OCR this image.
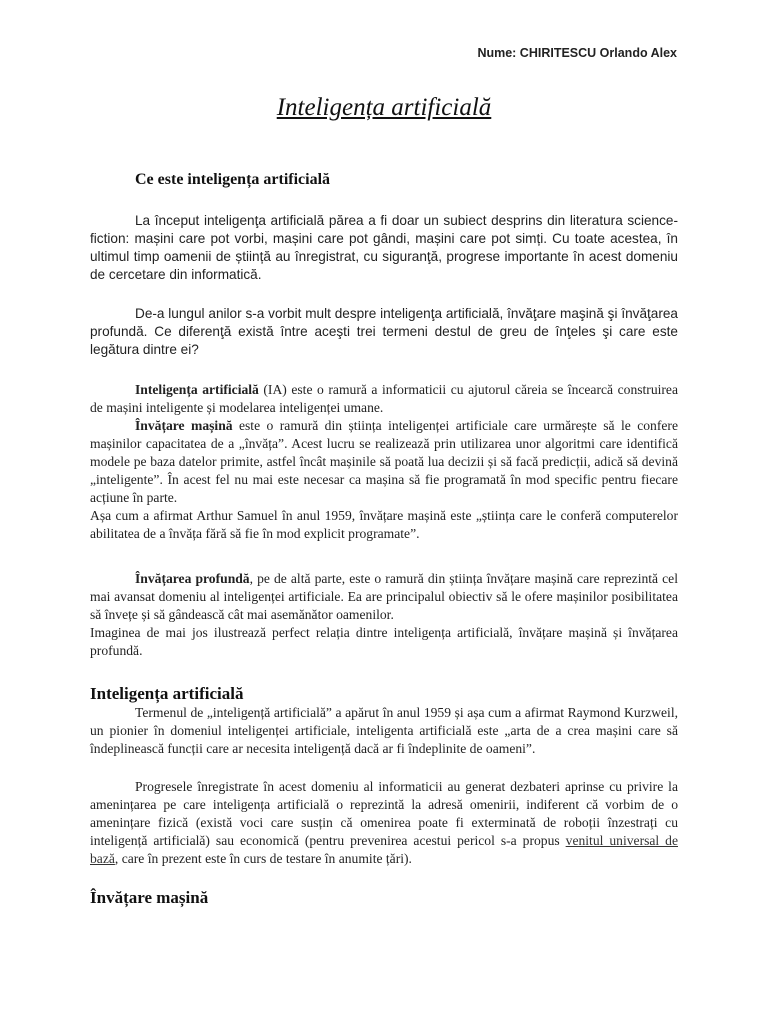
Nume: CHIRITESCU Orlando Alex
Inteligența artificială
Ce este inteligența artificială

La început inteligenţa artificială părea a fi doar un subiect desprins din literatura science-fiction: mașini care pot vorbi, mașini care pot gândi, mașini care pot simți. Cu toate acestea, în ultimul timp oamenii de știință au înregistrat, cu siguranţă, progrese importante în acest domeniu de cercetare din informatică.

De-a lungul anilor s-a vorbit mult despre inteligenţa artificială, învăţare maşină şi învăţarea profundă. Ce diferenţă există între aceşti trei termeni destul de greu de înţeles şi care este legătura dintre ei?

Inteligența artificială (IA) este o ramură a informaticii cu ajutorul căreia se încearcă construirea de mașini inteligente și modelarea inteligenței umane.

Învățare mașină este o ramură din știința inteligenței artificiale care urmărește să le confere mașinilor capacitatea de a „învăța”. Acest lucru se realizează prin utilizarea unor algoritmi care identifică modele pe baza datelor primite, astfel încât mașinile să poată lua decizii și să facă predicții, adică să devină „inteligente”. În acest fel nu mai este necesar ca mașina să fie programată în mod specific pentru fiecare acțiune în parte.

Așa cum a afirmat Arthur Samuel în anul 1959, învățare mașină este „știința care le conferă computerelor abilitatea de a învăța fără să fie în mod explicit programate”.

Învățarea profundă, pe de altă parte, este o ramură din știința învățare mașină care reprezintă cel mai avansat domeniu al inteligenței artificiale. Ea are principalul obiectiv să le ofere mașinilor posibilitatea să învețe și să gândească cât mai asemănător oamenilor.

Imaginea de mai jos ilustrează perfect relația dintre inteligența artificială, învățare mașină și învățarea profundă.

Inteligența artificială

Termenul de „inteligență artificială” a apărut în anul 1959 și așa cum a afirmat Raymond Kurzweil, un pionier în domeniul inteligenței artificiale, inteligenta artificială este „arta de a crea mașini care să îndeplinească funcții care ar necesita inteligență dacă ar fi îndeplinite de oameni”.

Progresele înregistrate în acest domeniu al informaticii au generat dezbateri aprinse cu privire la amenințarea pe care inteligența artificială o reprezintă la adresă omenirii, indiferent că vorbim de o amenințare fizică (există voci care susțin că omenirea poate fi exterminată de roboții înzestrați cu inteligență artificială) sau economică (pentru prevenirea acestui pericol s-a propus venitul universal de bază, care în prezent este în curs de testare în anumite țări).

Învățare mașină
